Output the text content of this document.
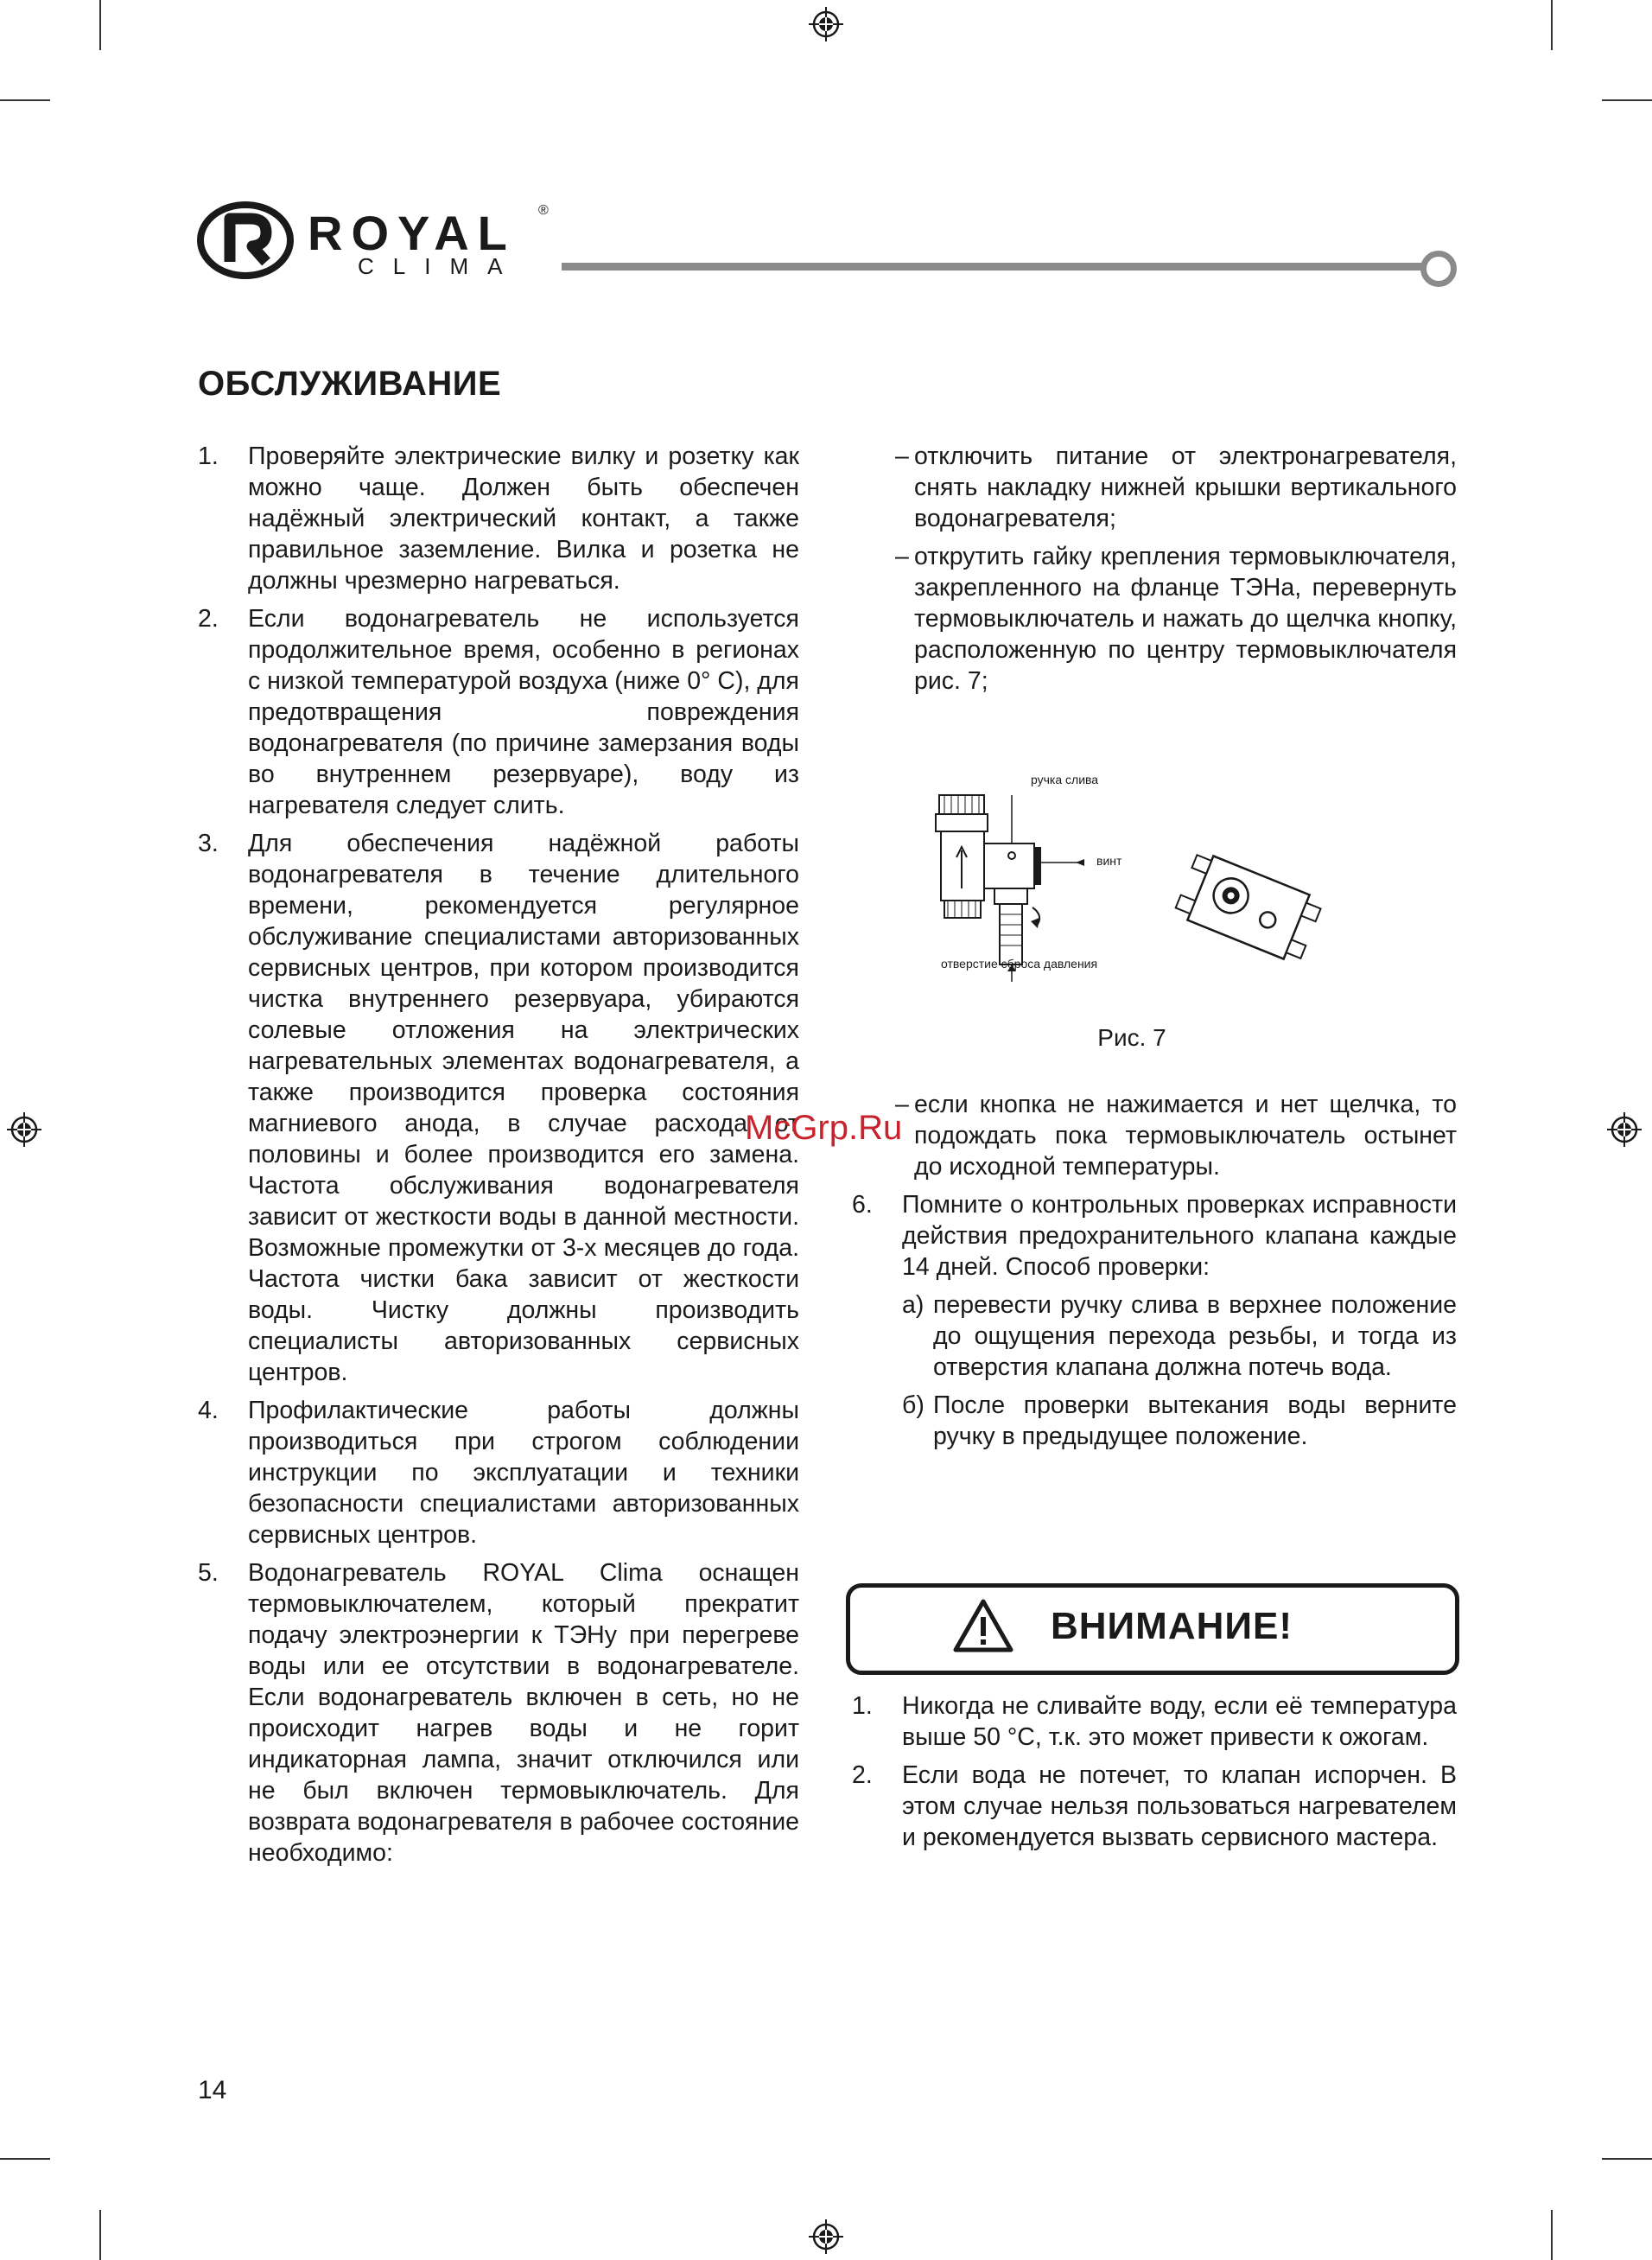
ROYAL ®
CLIMA
ОБСЛУЖИВАНИЕ
1. Проверяйте электрические вилку и розетку как можно чаще. Должен быть обеспечен надёжный электрический контакт, а также правильное заземление. Вилка и розетка не должны чрезмерно нагреваться.
2. Если водонагреватель не используется продолжительное время, особенно в регионах с низкой температурой воздуха (ниже 0° С), для предотвращения повреждения водонагревателя (по причине замерзания воды во внутреннем резервуаре), воду из нагревателя следует слить.
3. Для обеспечения надёжной работы водонагревателя в течение длительного времени, рекомендуется регулярное обслуживание специалистами авторизованных сервисных центров, при котором производится чистка внутреннего резервуара, убираются солевые отложения на электрических нагревательных элементах водонагревателя, а также производится проверка состояния магниевого анода, в случае расхода от половины и более производится его замена. Частота обслуживания водонагревателя зависит от жесткости воды в данной местности. Возможные промежутки от 3-х месяцев до года. Частота чистки бака зависит от жесткости воды. Чистку должны производить специалисты авторизованных сервисных центров.
4. Профилактические работы должны производиться при строгом соблюдении инструкции по эксплуатации и техники безопасности специалистами авторизованных сервисных центров.
5. Водонагреватель ROYAL Clima оснащен термовыключателем, который прекратит подачу электроэнергии к ТЭНу при перегреве воды или ее отсутствии в водонагревателе. Если водонагреватель включен в сеть, но не происходит нагрев воды и не горит индикаторная лампа, значит отключился или не был включен термовыключатель. Для возврата водонагревателя в рабочее состояние необходимо:
– отключить питание от электронагревателя, снять накладку нижней крышки вертикального водонагревателя;
– открутить гайку крепления термовыключателя, закрепленного на фланце ТЭНа, перевернуть термовыключатель и нажать до щелчка кнопку, расположенную по центру термовыключателя рис. 7;
ручка слива
винт
отверстие сброса давления
Рис. 7
– если кнопка не нажимается и нет щелчка, то подождать пока термовыключатель остынет до исходной температуры.
6. Помните о контрольных проверках исправности действия предохранительного клапана каждые 14 дней. Способ проверки:
а) перевести ручку слива в верхнее положение до ощущения перехода резьбы, и тогда из отверстия клапана должна потечь вода.
б) После проверки вытекания воды верните ручку в предыдущее положение.
ВНИМАНИЕ!
1. Никогда не сливайте воду, если её температура выше 50 °С, т.к. это может привести к ожогам.
2. Если вода не потечет, то клапан испорчен. В этом случае нельзя пользоваться нагревателем и рекомендуется вызвать сервисного мастера.
McGrp.Ru
14
